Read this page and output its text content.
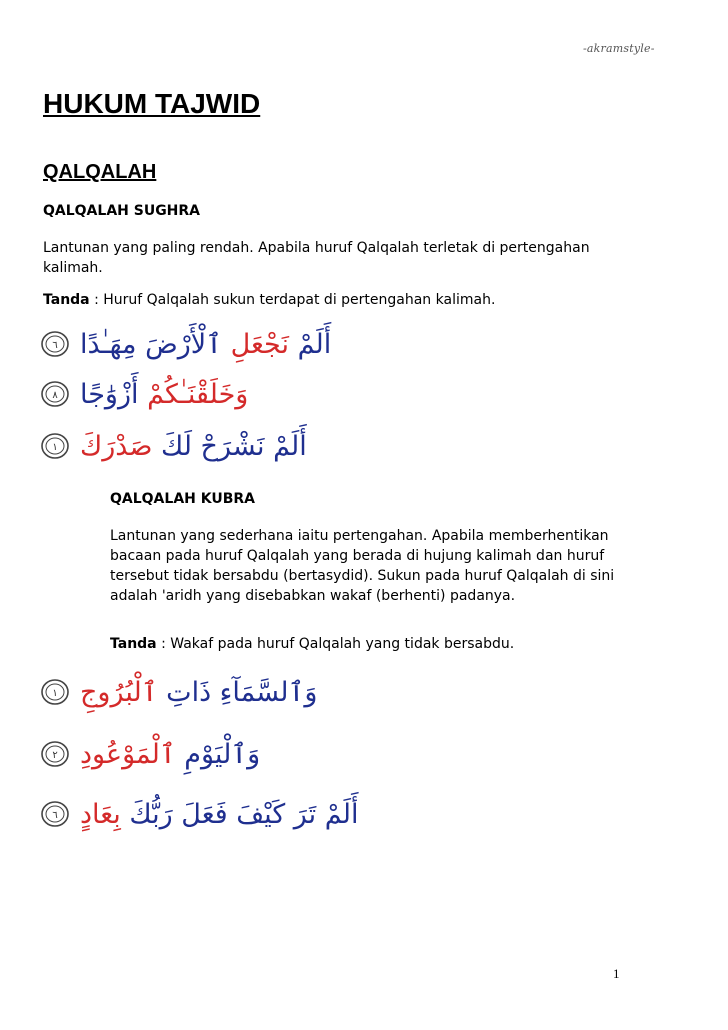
-akramstyle-
HUKUM TAJWID
QALQALAH
QALQALAH SUGHRA

Lantunan yang paling rendah. Apabila huruf Qalqalah terletak di pertengahan kalimah.

Tanda : Huruf Qalqalah sukun terdapat di pertengahan kalimah.

٦	أَلَمْ نَجْعَلِ ٱلْأَرْضَ مِهَـٰدًا
٨	وَخَلَقْنَـٰكُمْ أَزْوَٰجًا
١	أَلَمْ نَشْرَحْ لَكَ صَدْرَكَ
QALQALAH KUBRA

Lantunan yang sederhana iaitu pertengahan. Apabila memberhentikan bacaan pada huruf Qalqalah yang berada di hujung kalimah dan huruf tersebut tidak bersabdu (bertasydid). Sukun pada huruf Qalqalah di sini adalah 'aridh yang disebabkan wakaf (berhenti) padanya.

Tanda : Wakaf pada huruf Qalqalah yang tidak bersabdu.

١	وَٱلسَّمَآءِ ذَاتِ ٱلْبُرُوجِ
٢	وَٱلْيَوْمِ ٱلْمَوْعُودِ
٦	أَلَمْ تَرَ كَيْفَ فَعَلَ رَبُّكَ بِعَادٍ
1
